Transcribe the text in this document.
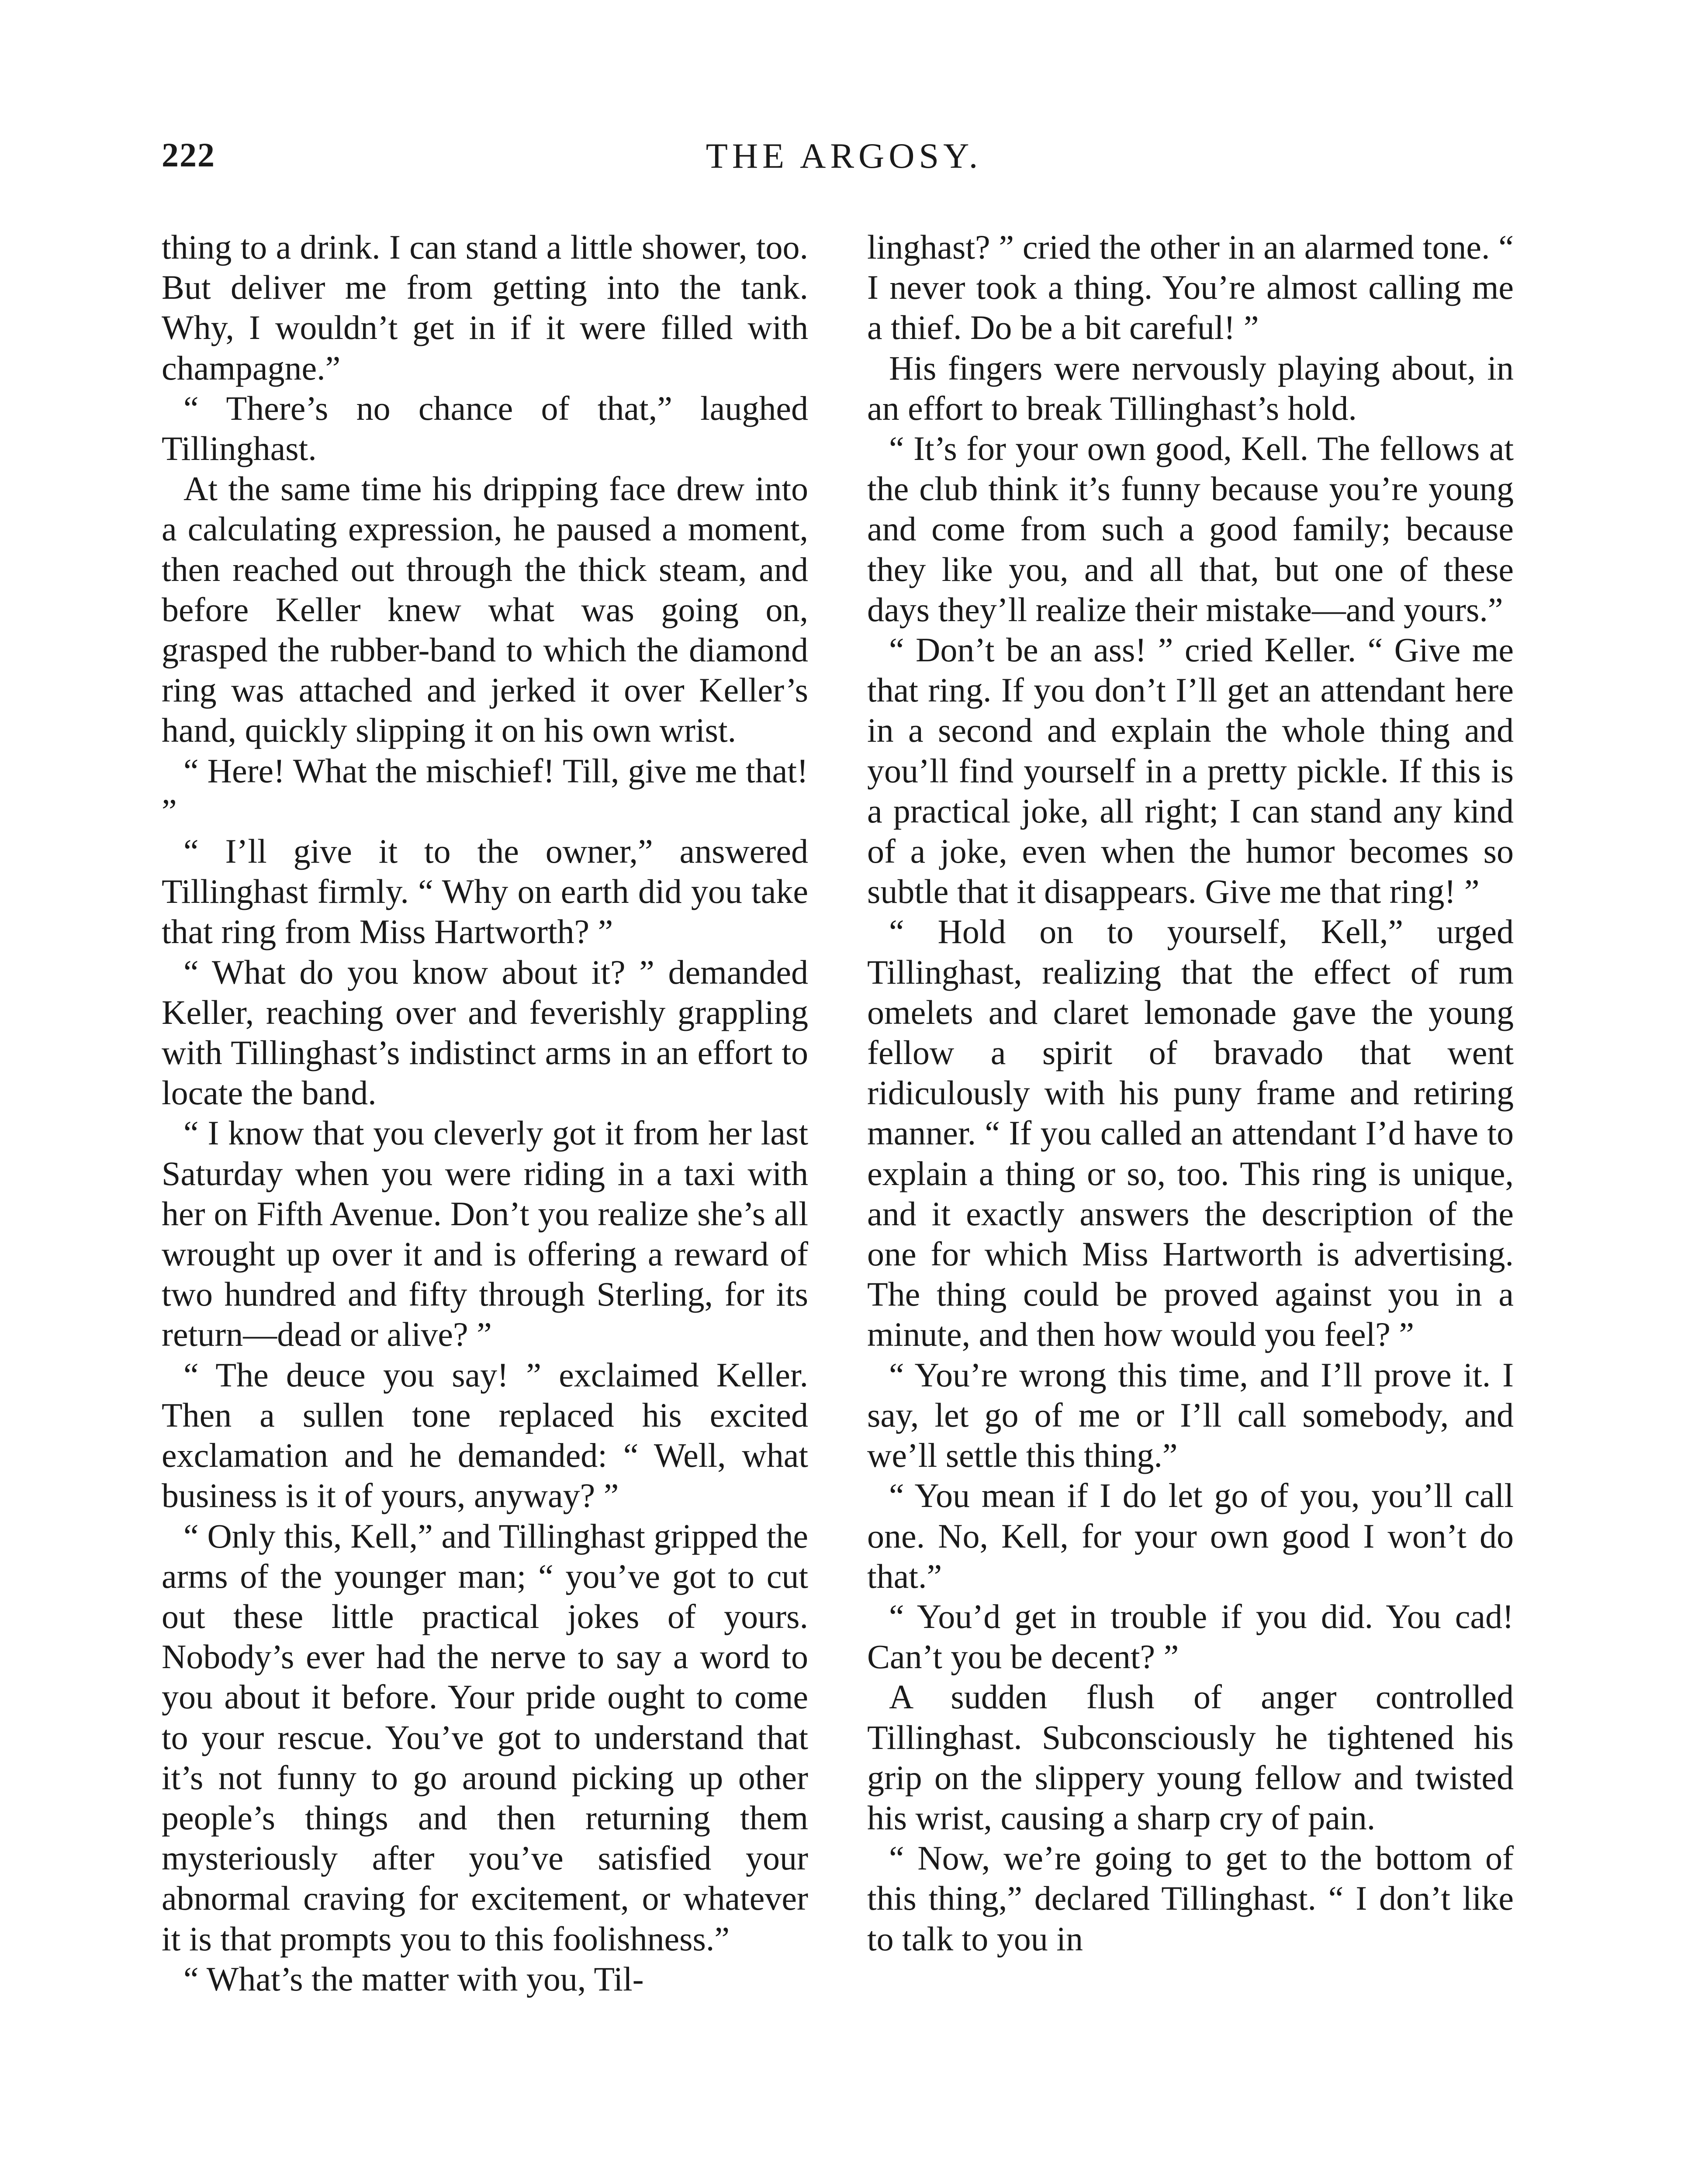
222	THE ARGOSY.

thing to a drink. I can stand a little shower, too. But deliver me from getting into the tank. Why, I wouldn’t get in if it were filled with champagne.”

“ There’s no chance of that,” laughed Tillinghast.

At the same time his dripping face drew into a calculating expression, he paused a moment, then reached out through the thick steam, and before Keller knew what was going on, grasped the rubber-band to which the diamond ring was attached and jerked it over Keller’s hand, quickly slipping it on his own wrist.

“ Here! What the mischief! Till, give me that! ”

“ I’ll give it to the owner,” answered Tillinghast firmly. “ Why on earth did you take that ring from Miss Hartworth? ”

“ What do you know about it? ” demanded Keller, reaching over and feverishly grappling with Tillinghast’s indistinct arms in an effort to locate the band.

“ I know that you cleverly got it from her last Saturday when you were riding in a taxi with her on Fifth Avenue. Don’t you realize she’s all wrought up over it and is offering a reward of two hundred and fifty through Sterling, for its return—dead or alive? ”

“ The deuce you say! ” exclaimed Keller. Then a sullen tone replaced his excited exclamation and he demanded: “ Well, what business is it of yours, anyway? ”

“ Only this, Kell,” and Tillinghast gripped the arms of the younger man; “ you’ve got to cut out these little practical jokes of yours. Nobody’s ever had the nerve to say a word to you about it before. Your pride ought to come to your rescue. You’ve got to understand that it’s not funny to go around picking up other people’s things and then returning them mysteriously after you’ve satisfied your abnormal craving for excitement, or whatever it is that prompts you to this foolishness.”

“ What’s the matter with you, Til-

linghast? ” cried the other in an alarmed tone. “ I never took a thing. You’re almost calling me a thief. Do be a bit careful! ”

His fingers were nervously playing about, in an effort to break Tillinghast’s hold.

“ It’s for your own good, Kell. The fellows at the club think it’s funny because you’re young and come from such a good family; because they like you, and all that, but one of these days they’ll realize their mistake—and yours.”

“ Don’t be an ass! ” cried Keller. “ Give me that ring. If you don’t I’ll get an attendant here in a second and explain the whole thing and you’ll find yourself in a pretty pickle. If this is a practical joke, all right; I can stand any kind of a joke, even when the humor becomes so subtle that it disappears. Give me that ring! ”

“ Hold on to yourself, Kell,” urged Tillinghast, realizing that the effect of rum omelets and claret lemonade gave the young fellow a spirit of bravado that went ridiculously with his puny frame and retiring manner. “ If you called an attendant I’d have to explain a thing or so, too. This ring is unique, and it exactly answers the description of the one for which Miss Hartworth is advertising. The thing could be proved against you in a minute, and then how would you feel? ”

“ You’re wrong this time, and I’ll prove it. I say, let go of me or I’ll call somebody, and we’ll settle this thing.”

“ You mean if I do let go of you, you’ll call one. No, Kell, for your own good I won’t do that.”

“ You’d get in trouble if you did. You cad! Can’t you be decent? ”

A sudden flush of anger controlled Tillinghast. Subconsciously he tightened his grip on the slippery young fellow and twisted his wrist, causing a sharp cry of pain.

“ Now, we’re going to get to the bottom of this thing,” declared Tillinghast. “ I don’t like to talk to you in
